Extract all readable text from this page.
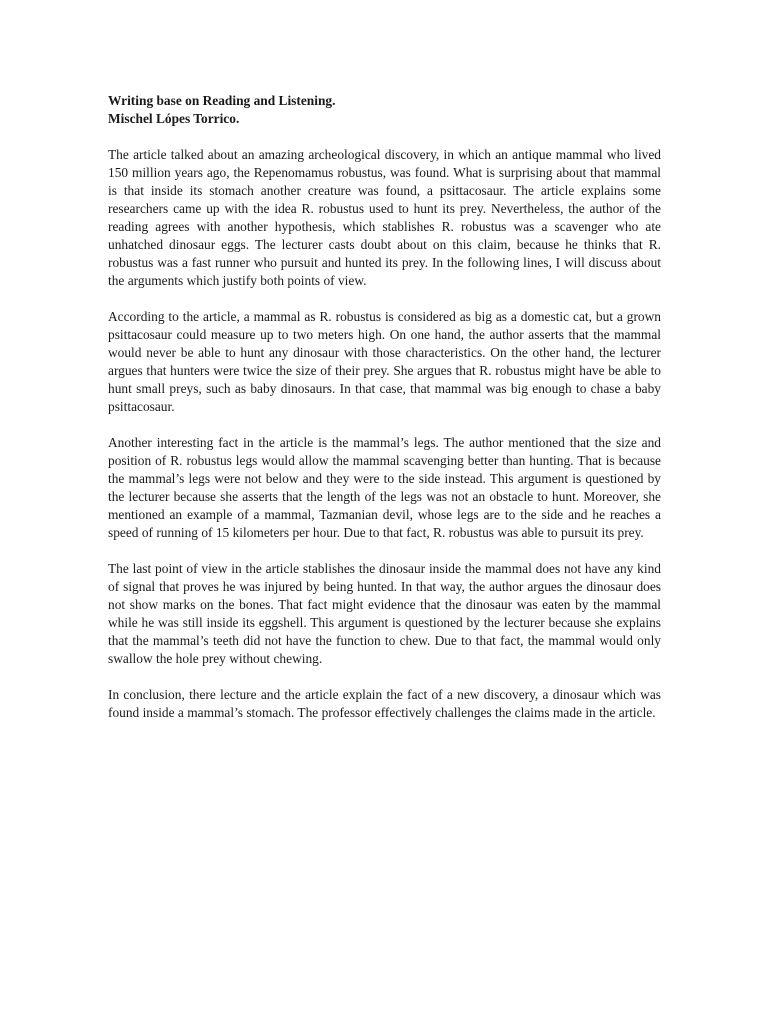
Writing base on Reading and Listening.

Mischel Lópes Torrico.

The article talked about an amazing archeological discovery, in which an antique mammal who lived 150 million years ago, the Repenomamus robustus, was found. What is surprising about that mammal is that inside its stomach another creature was found, a psittacosaur. The article explains some researchers came up with the idea R. robustus used to hunt its prey. Nevertheless, the author of the reading agrees with another hypothesis, which stablishes R. robustus was a scavenger who ate unhatched dinosaur eggs. The lecturer casts doubt about on this claim, because he thinks that R. robustus was a fast runner who pursuit and hunted its prey. In the following lines, I will discuss about the arguments which justify both points of view.

According to the article, a mammal as R. robustus is considered as big as a domestic cat, but a grown psittacosaur could measure up to two meters high. On one hand, the author asserts that the mammal would never be able to hunt any dinosaur with those characteristics. On the other hand, the lecturer argues that hunters were twice the size of their prey. She argues that R. robustus might have be able to hunt small preys, such as baby dinosaurs. In that case, that mammal was big enough to chase a baby psittacosaur.

Another interesting fact in the article is the mammal’s legs. The author mentioned that the size and position of R. robustus legs would allow the mammal scavenging better than hunting. That is because the mammal’s legs were not below and they were to the side instead. This argument is questioned by the lecturer because she asserts that the length of the legs was not an obstacle to hunt. Moreover, she mentioned an example of a mammal, Tazmanian devil, whose legs are to the side and he reaches a speed of running of 15 kilometers per hour. Due to that fact, R. robustus was able to pursuit its prey.

The last point of view in the article stablishes the dinosaur inside the mammal does not have any kind of signal that proves he was injured by being hunted. In that way, the author argues the dinosaur does not show marks on the bones. That fact might evidence that the dinosaur was eaten by the mammal while he was still inside its eggshell. This argument is questioned by the lecturer because she explains that the mammal’s teeth did not have the function to chew. Due to that fact, the mammal would only swallow the hole prey without chewing.

In conclusion, there lecture and the article explain the fact of a new discovery, a dinosaur which was found inside a mammal’s stomach. The professor effectively challenges the claims made in the article.
